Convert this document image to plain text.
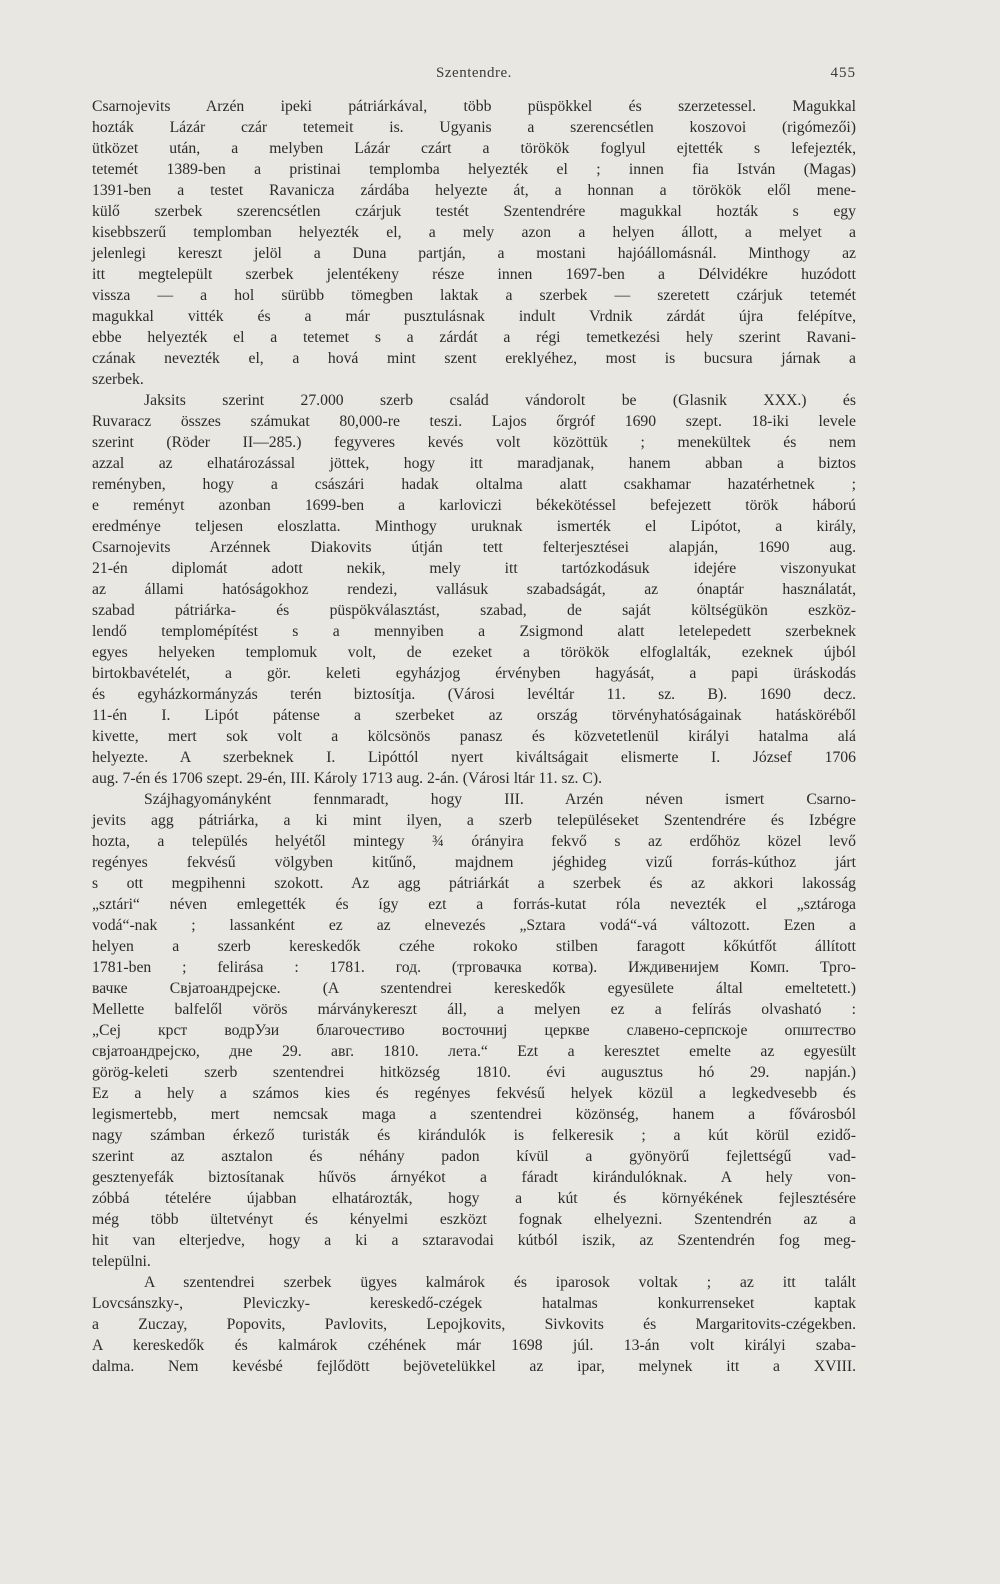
Szentendre.	455
Csarnojevits Arzén ipeki pátriárkával, több püspökkel és szerzetessel. Magukkal
hozták Lázár czár tetemeit is. Ugyanis a szerencsétlen koszovoi (rigómezői)
ütközet után, a melyben Lázár czárt a törökök foglyul ejtették s lefejezték,
tetemét 1389-ben a pristinai templomba helyezték el ; innen fia István (Magas)
1391-ben a testet Ravanicza zárdába helyezte át, a honnan a törökök elől mene-
külő szerbek szerencsétlen czárjuk testét Szentendrére magukkal hozták s egy
kisebbszerű templomban helyezték el, a mely azon a helyen állott, a melyet a
jelenlegi kereszt jelöl a Duna partján, a mostani hajóállomásnál. Minthogy az
itt megtelepült szerbek jelentékeny része innen 1697-ben a Délvidékre huzódott
vissza — a hol sürübb tömegben laktak a szerbek — szeretett czárjuk tetemét
magukkal vitték és a már pusztulásnak indult Vrdnik zárdát újra felépítve,
ebbe helyezték el a tetemet s a zárdát a régi temetkezési hely szerint Ravani-
czának nevezték el, a hová mint szent ereklyéhez, most is bucsura járnak a
szerbek.
Jaksits szerint 27.000 szerb család vándorolt be (Glasnik XXX.) és
Ruvaracz összes számukat 80,000-re teszi. Lajos őrgróf 1690 szept. 18-iki levele
szerint (Röder II—285.) fegyveres kevés volt közöttük ; menekültek és nem
azzal az elhatározással jöttek, hogy itt maradjanak, hanem abban a biztos
reményben, hogy a császári hadak oltalma alatt csakhamar hazatérhetnek ;
e reményt azonban 1699-ben a karloviczi békekötéssel befejezett török háború
eredménye teljesen eloszlatta. Minthogy uruknak ismerték el Lipótot, a király,
Csarnojevits Arzénnek Diakovits útján tett felterjesztései alapján, 1690 aug.
21-én diplomát adott nekik, mely itt tartózkodásuk idejére viszonyukat
az állami hatóságokhoz rendezi, vallásuk szabadságát, az ónaptár használatát,
szabad pátriárka- és püspökválasztást, szabad, de saját költségükön eszköz-
lendő templomépítést s a mennyiben a Zsigmond alatt letelepedett szerbeknek
egyes helyeken templomuk volt, de ezeket a törökök elfoglalták, ezeknek újból
birtokbavételét, a gör. keleti egyházjog érvényben hagyását, a papi üráskodás
és egyházkormányzás terén biztosítja. (Városi levéltár 11. sz. B). 1690 decz.
11-én I. Lipót pátense a szerbeket az ország törvényhatóságainak hatásköréből
kivette, mert sok volt a kölcsönös panasz és közvetetlenül királyi hatalma alá
helyezte. A szerbeknek I. Lipóttól nyert kiváltságait elismerte I. József 1706
aug. 7-én és 1706 szept. 29-én, III. Károly 1713 aug. 2-án. (Városi ltár 11. sz. C).
Szájhagyományként fennmaradt, hogy III. Arzén néven ismert Csarno-
jevits agg pátriárka, a ki mint ilyen, a szerb településeket Szentendrére és Izbégre
hozta, a település helyétől mintegy ¾ órányira fekvő s az erdőhöz közel levő
regényes fekvésű völgyben kitűnő, majdnem jéghideg vizű forrás-kúthoz járt
s ott megpihenni szokott. Az agg pátriárkát a szerbek és az akkori lakosság
„sztári“ néven emlegették és így ezt a forrás-kutat róla nevezték el „sztároga
vodá“-nak ; lassanként ez az elnevezés „Sztara vodá“-vá változott. Ezen a
helyen a szerb kereskedők czéhe rokoko stilben faragott kőkútfőt állított
1781-ben ; felirása : 1781. год. (трговачка котва). Иждивенијем Комп. Трго-
вачке Свјатоандрејске. (A szentendrei kereskedők egyesülete által emeltetett.)
Mellette balfelől vörös márványkereszt áll, a melyen ez a felírás olvasható :
„Сеј крст водрУзи благочестиво восточниј церкве славено-серпскоје општество
свјатоандрејско, дне 29. авг. 1810. лета.“ Ezt a keresztet emelte az egyesült
görög-keleti szerb szentendrei hitközség 1810. évi augusztus hó 29. napján.)
Ez a hely a számos kies és regényes fekvésű helyek közül a legkedvesebb és
legismertebb, mert nemcsak maga a szentendrei közönség, hanem a fővárosból
nagy számban érkező turisták és kirándulók is felkeresik ; a kút körül ezidő-
szerint az asztalon és néhány padon kívül a gyönyörű fejlettségű vad-
gesztenyefák biztosítanak hűvös árnyékot a fáradt kirándulóknak. A hely von-
zóbbá tételére újabban elhatározták, hogy a kút és környékének fejlesztésére
még több ültetvényt és kényelmi eszközt fognak elhelyezni. Szentendrén az a
hit van elterjedve, hogy a ki a sztaravodai kútból iszik, az Szentendrén fog meg-
települni.
A szentendrei szerbek ügyes kalmárok és iparosok voltak ; az itt talált
Lovcsánszky-, Pleviczky- kereskedő-czégek hatalmas konkurrenseket kaptak
a Zuczay, Popovits, Pavlovits, Lepojkovits, Sivkovits és Margaritovits-czégekben.
A kereskedők és kalmárok czéhének már 1698 júl. 13-án volt királyi szaba-
dalma. Nem kevésbé fejlődött bejövetelükkel az ipar, melynek itt a XVIII.
